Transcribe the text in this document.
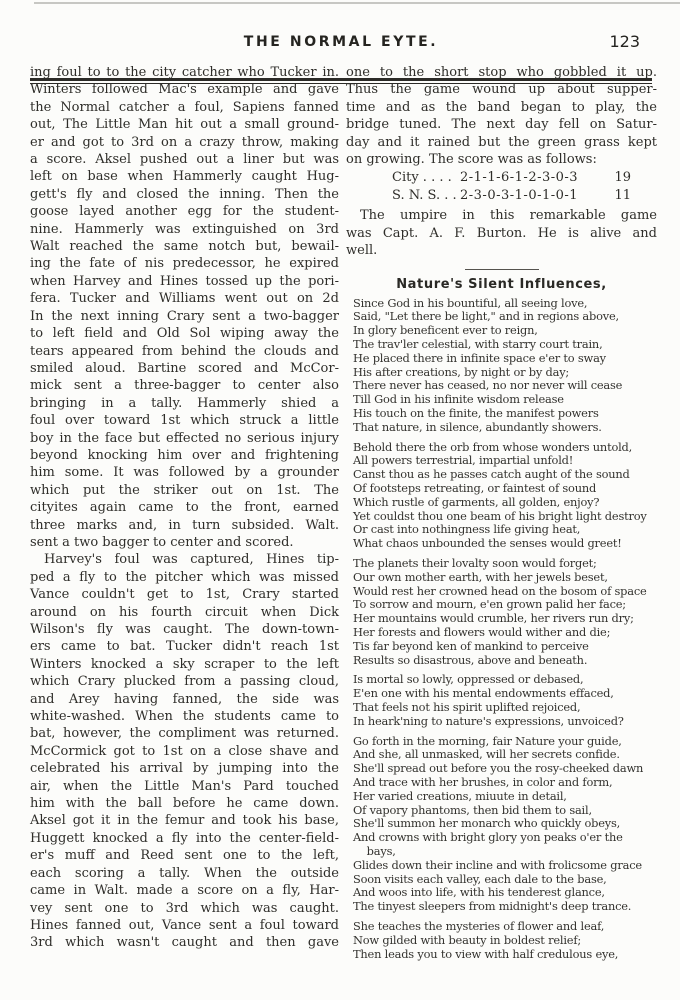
THE NORMAL EYTE.	123
ing foul to to the city catcher who Tucker in.
Winters followed Mac's example and gave
the Normal catcher a foul, Sapiens fanned
out, The Little Man hit out a small ground-
er and got to 3rd on a crazy throw, making
a score. Aksel pushed out a liner but was
left on base when Hammerly caught Hug-
gett's fly and closed the inning. Then the
goose layed another egg for the student-
nine. Hammerly was extinguished on 3rd
Walt reached the same notch but, bewail-
ing the fate of nis predecessor, he expired
when Harvey and Hines tossed up the pori-
fera. Tucker and Williams went out on 2d
In the next inning Crary sent a two-bagger
to left field and Old Sol wiping away the
tears appeared from behind the clouds and
smiled aloud. Bartine scored and McCor-
mick sent a three-bagger to center also
bringing in a tally. Hammerly shied a
foul over toward 1st which struck a little
boy in the face but effected no serious injury
beyond knocking him over and frightening
him some. It was followed by a grounder
which put the striker out on 1st. The
cityites again came to the front, earned
three marks and, in turn subsided. Walt.
sent a two bagger to center and scored.
Harvey's foul was captured, Hines tip-
ped a fly to the pitcher which was missed
Vance couldn't get to 1st, Crary started
around on his fourth circuit when Dick
Wilson's fly was caught. The down-town-
ers came to bat. Tucker didn't reach 1st
Winters knocked a sky scraper to the left
which Crary plucked from a passing cloud,
and Arey having fanned, the side was
white-washed. When the students came to
bat, however, the compliment was returned.
McCormick got to 1st on a close shave and
celebrated his arrival by jumping into the
air, when the Little Man's Pard touched
him with the ball before he came down.
Aksel got it in the femur and took his base,
Huggett knocked a fly into the center-field-
er's muff and Reed sent one to the left,
each scoring a tally. When the outside
came in Walt. made a score on a fly, Har-
vey sent one to 3rd which was caught.
Hines fanned out, Vance sent a foul toward
3rd which wasn't caught and then gave
one to the short stop who gobbled it up.
Thus the game wound up about supper-
time and as the band began to play, the
bridge tuned. The next day fell on Satur-
day and it rained but the green grass kept
on growing. The score was as follows:
City . . . . 2-1-1-6-1-2-3-0-3	19
S. N. S. . . 2-3-0-3-1-0-1-0-1	11
The umpire in this remarkable game
was Capt. A. F. Burton. He is alive and
well.
Nature's Silent Influences,
Since God in his bountiful, all seeing love,
Said, "Let there be light," and in regions above,
In glory beneficent ever to reign,
The trav'ler celestial, with starry court train,
He placed there in infinite space e'er to sway
His after creations, by night or by day;
There never has ceased, no nor never will cease
Till God in his infinite wisdom release
His touch on the finite, the manifest powers
That nature, in silence, abundantly showers.
Behold there the orb from whose wonders untold,
All powers terrestrial, impartial unfold!
Canst thou as he passes catch aught of the sound
Of footsteps retreating, or faintest of sound
Which rustle of garments, all golden, enjoy?
Yet couldst thou one beam of his bright light destroy
Or cast into nothingness life giving heat,
What chaos unbounded the senses would greet!
The planets their lovalty soon would forget;
Our own mother earth, with her jewels beset,
Would rest her crowned head on the bosom of space
To sorrow and mourn, e'en grown palid her face;
Her mountains would crumble, her rivers run dry;
Her forests and flowers would wither and die;
Tis far beyond ken of mankind to perceive
Results so disastrous, above and beneath.
Is mortal so lowly, oppressed or debased,
E'en one with his mental endowments effaced,
That feels not his spirit uplifted rejoiced,
In heark'ning to nature's expressions, unvoiced?
Go forth in the morning, fair Nature your guide,
And she, all unmasked, will her secrets confide.
She'll spread out before you the rosy-cheeked dawn
And trace with her brushes, in color and form,
Her varied creations, miuute in detail,
Of vapory phantoms, then bid them to sail,
She'll summon her monarch who quickly obeys,
And crowns with bright glory yon peaks o'er the
bays,
Glides down their incline and with frolicsome grace
Soon visits each valley, each dale to the base,
And woos into life, with his tenderest glance,
The tinyest sleepers from midnight's deep trance.
She teaches the mysteries of flower and leaf,
Now gilded with beauty in boldest relief;
Then leads you to view with half credulous eye,
